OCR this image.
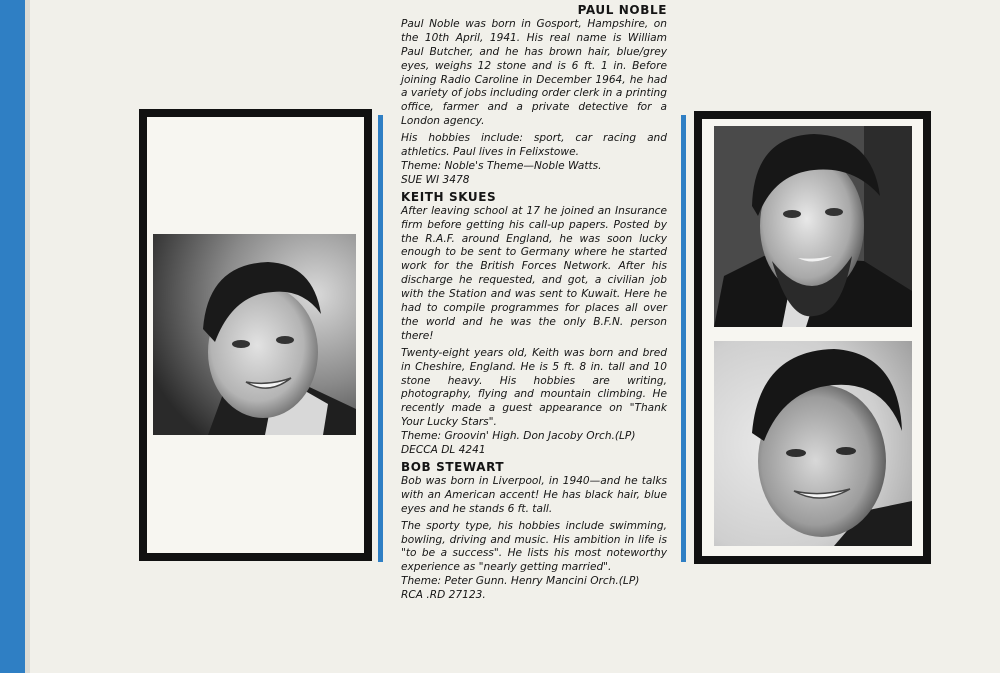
PAUL NOBLE

Paul Noble was born in Gosport, Hampshire, on the 10th April, 1941. His real name is William Paul Butcher, and he has brown hair, blue/grey eyes, weighs 12 stone and is 6 ft. 1 in. Before joining Radio Caroline in December 1964, he had a variety of jobs including order clerk in a printing office, farmer and a private detective for a London agency.

His hobbies include: sport, car racing and athletics. Paul lives in Felixstowe.

Theme: Noble's Theme—Noble Watts.
SUE WI 3478
KEITH SKUES

After leaving school at 17 he joined an Insurance firm before getting his call-up papers. Posted by the R.A.F. around England, he was soon lucky enough to be sent to Germany where he started work for the British Forces Network. After his discharge he requested, and got, a civilian job with the Station and was sent to Kuwait. Here he had to compile programmes for places all over the world and he was the only B.F.N. person there!

Twenty-eight years old, Keith was born and bred in Cheshire, England. He is 5 ft. 8 in. tall and 10 stone heavy. His hobbies are writing, photography, flying and mountain climbing. He recently made a guest appearance on "Thank Your Lucky Stars".

Theme: Groovin' High. Don Jacoby Orch.(LP)
DECCA DL 4241
BOB STEWART

Bob was born in Liverpool, in 1940—and he talks with an American accent! He has black hair, blue eyes and he stands 6 ft. tall.

The sporty type, his hobbies include swimming, bowling, driving and music. His ambition in life is "to be a success". He lists his most noteworthy experience as "nearly getting married".

Theme: Peter Gunn. Henry Mancini Orch.(LP)
RCA .RD 27123.
